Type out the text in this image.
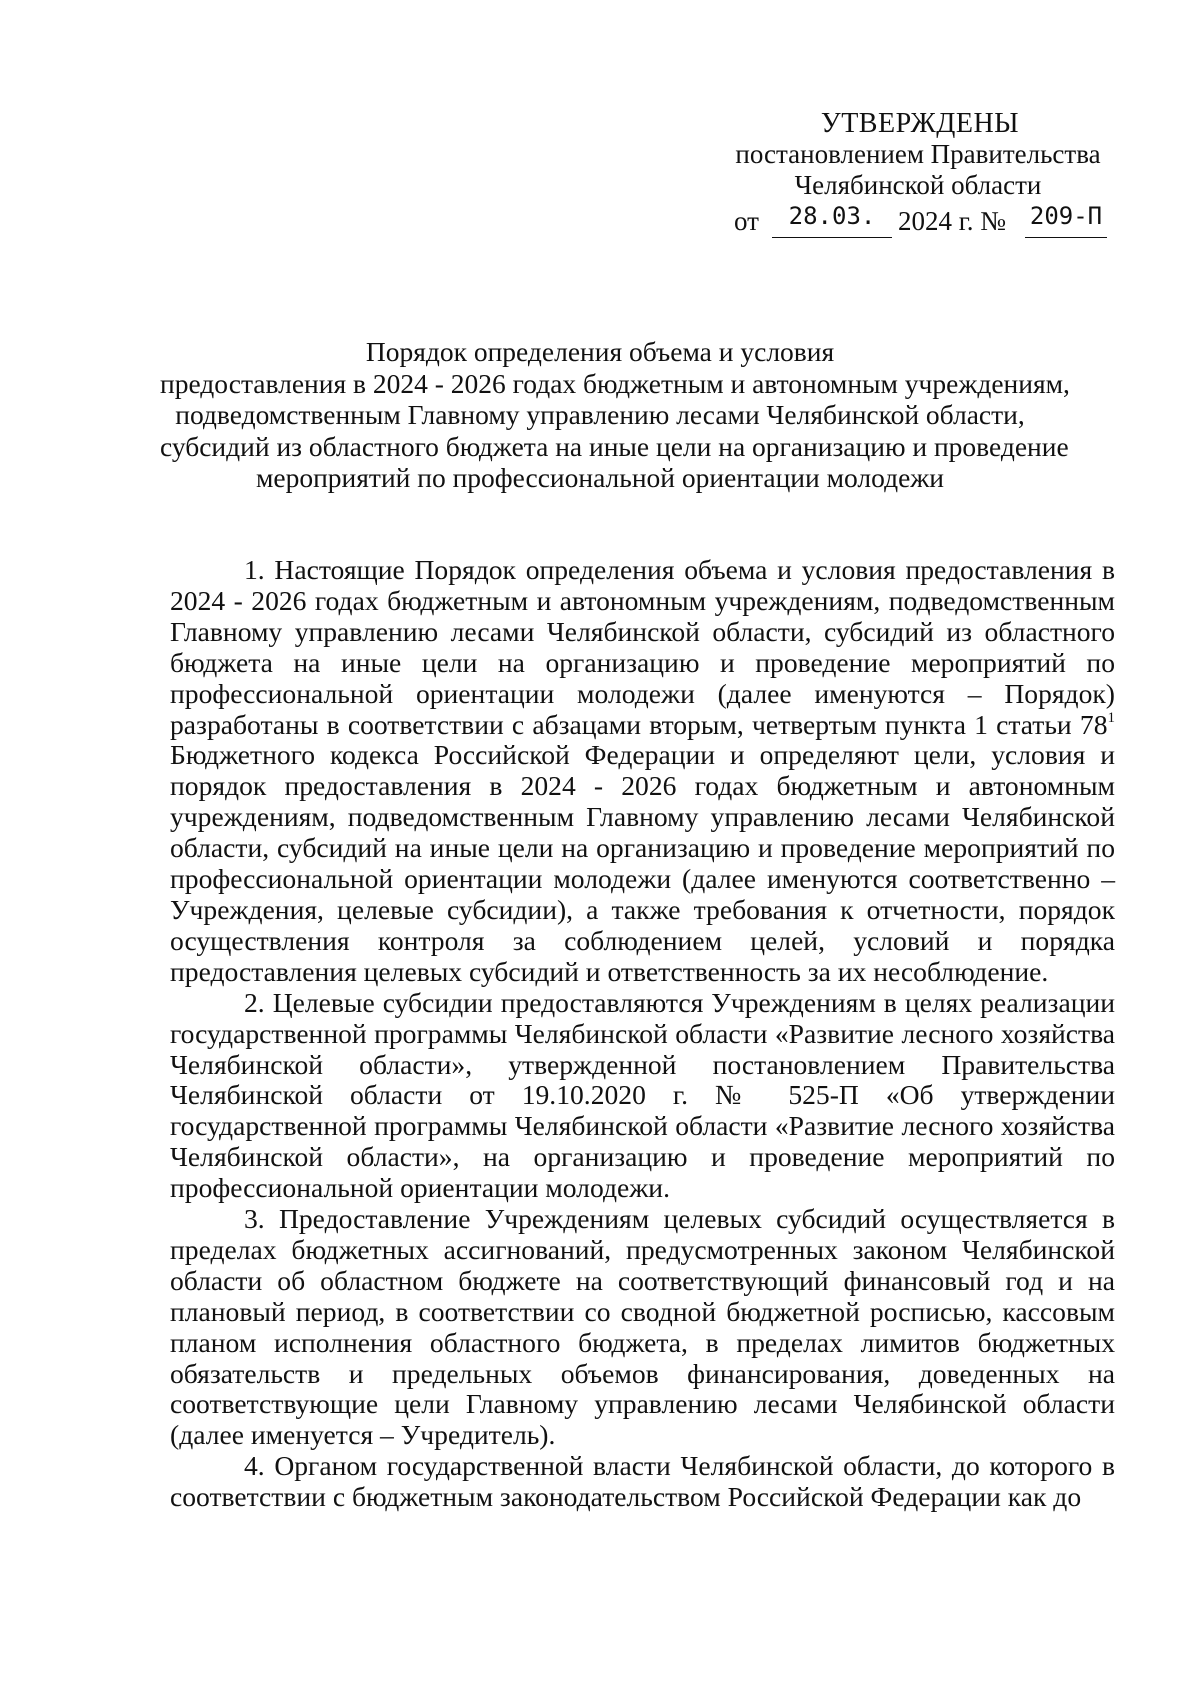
УТВЕРЖДЕНЫ
постановлением Правительства
Челябинской области
от	28.03. 2024 г. № 209-П
Порядок определения объема и условия
предоставления в 2024 - 2026 годах бюджетным и автономным учреждениям,
подведомственным Главному управлению лесами Челябинской области,
субсидий из областного бюджета на иные цели на организацию и проведение
мероприятий по профессиональной ориентации молодежи

1. Настоящие Порядок определения объема и условия предоставления в 2024 - 2026 годах бюджетным и автономным учреждениям, подведомственным Главному управлению лесами Челябинской области, субсидий из областного бюджета на иные цели на организацию и проведение мероприятий по профессиональной ориентации молодежи (далее именуются – Порядок) разработаны в соответствии с абзацами вторым, четвертым пункта 1 статьи $78^1$ Бюджетного кодекса Российской Федерации и определяют цели, условия и порядок предоставления в 2024 - 2026 годах бюджетным и автономным учреждениям, подведомственным Главному управлению лесами Челябинской области, субсидий на иные цели на организацию и проведение мероприятий по профессиональной ориентации молодежи (далее именуются соответственно – Учреждения, целевые субсидии), а также требования к отчетности, порядок осуществления контроля за соблюдением целей, условий и порядка предоставления целевых субсидий и ответственность за их несоблюдение.

2. Целевые субсидии предоставляются Учреждениям в целях реализации государственной программы Челябинской области «Развитие лесного хозяйства Челябинской области», утвержденной постановлением Правительства Челябинской области от 19.10.2020 г. № 525-П «Об утверждении государственной программы Челябинской области «Развитие лесного хозяйства Челябинской области», на организацию и проведение мероприятий по профессиональной ориентации молодежи.

3. Предоставление Учреждениям целевых субсидий осуществляется в пределах бюджетных ассигнований, предусмотренных законом Челябинской области об областном бюджете на соответствующий финансовый год и на плановый период, в соответствии со сводной бюджетной росписью, кассовым планом исполнения областного бюджета, в пределах лимитов бюджетных обязательств и предельных объемов финансирования, доведенных на соответствующие цели Главному управлению лесами Челябинской области (далее именуется – Учредитель).

4. Органом государственной власти Челябинской области, до которого в соответствии с бюджетным законодательством Российской Федерации как до
